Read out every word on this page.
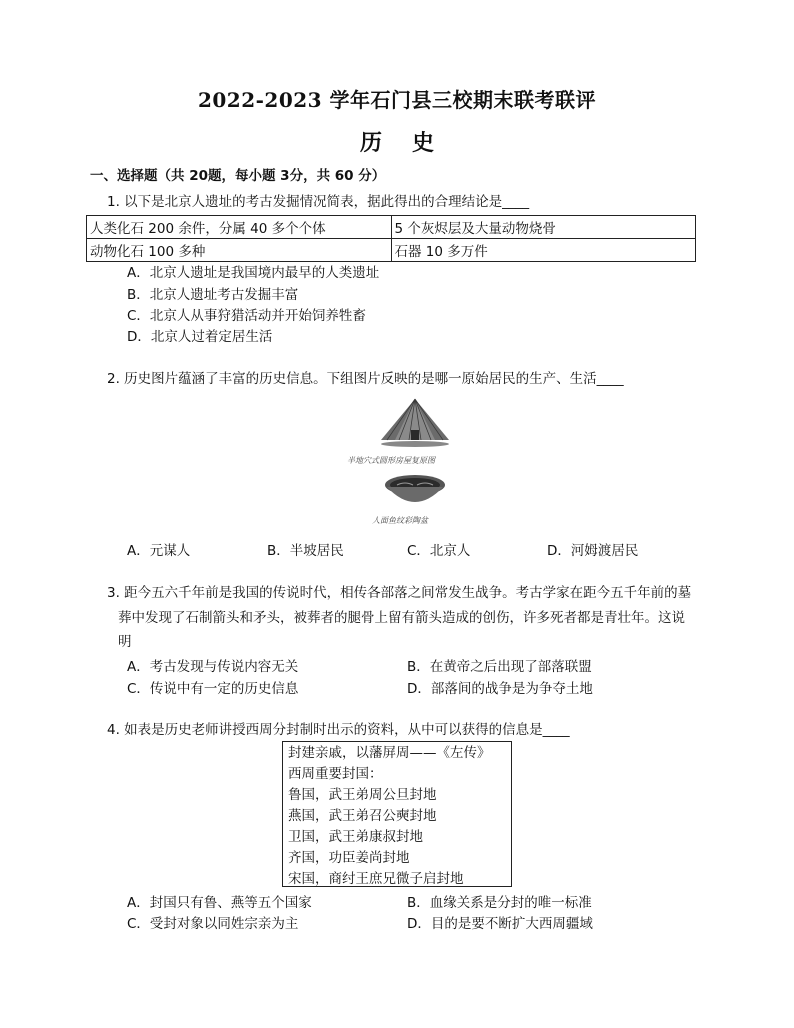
2022-2023 学年石门县三校期末联考联评
历史
一、选择题（共 20题，每小题 3分，共 60 分）
1. 以下是北京人遗址的考古发掘情况简表，据此得出的合理结论是____
人类化石 200 余件，分属 40 多个个体	5 个灰烬层及大量动物烧骨
动物化石 100 多种	石器 10 多万件
A．北京人遗址是我国境内最早的人类遗址
B．北京人遗址考古发掘丰富
C．北京人从事狩猎活动并开始饲养牲畜
D．北京人过着定居生活
2. 历史图片蕴涵了丰富的历史信息。下组图片反映的是哪一原始居民的生产、生活____
半地穴式圆形房屋复原图
人面鱼纹彩陶盆
A．元谋人	B．半坡居民	C．北京人	D．河姆渡居民
3. 距今五六千年前是我国的传说时代，相传各部落之间常发生战争。考古学家在距今五千年前的墓
葬中发现了石制箭头和矛头，被葬者的腿骨上留有箭头造成的创伤，许多死者都是青壮年。这说
明
A．考古发现与传说内容无关	B．在黄帝之后出现了部落联盟
C．传说中有一定的历史信息	D．部落间的战争是为争夺土地
4. 如表是历史老师讲授西周分封制时出示的资料，从中可以获得的信息是____
封建亲戚，以藩屏周——《左传》
西周重要封国：
鲁国，武王弟周公旦封地
燕国，武王弟召公奭封地
卫国，武王弟康叔封地
齐国，功臣姜尚封地
宋国，商纣王庶兄微子启封地
A．封国只有鲁、燕等五个国家	B．血缘关系是分封的唯一标准
C．受封对象以同姓宗亲为主	D．目的是要不断扩大西周疆域
